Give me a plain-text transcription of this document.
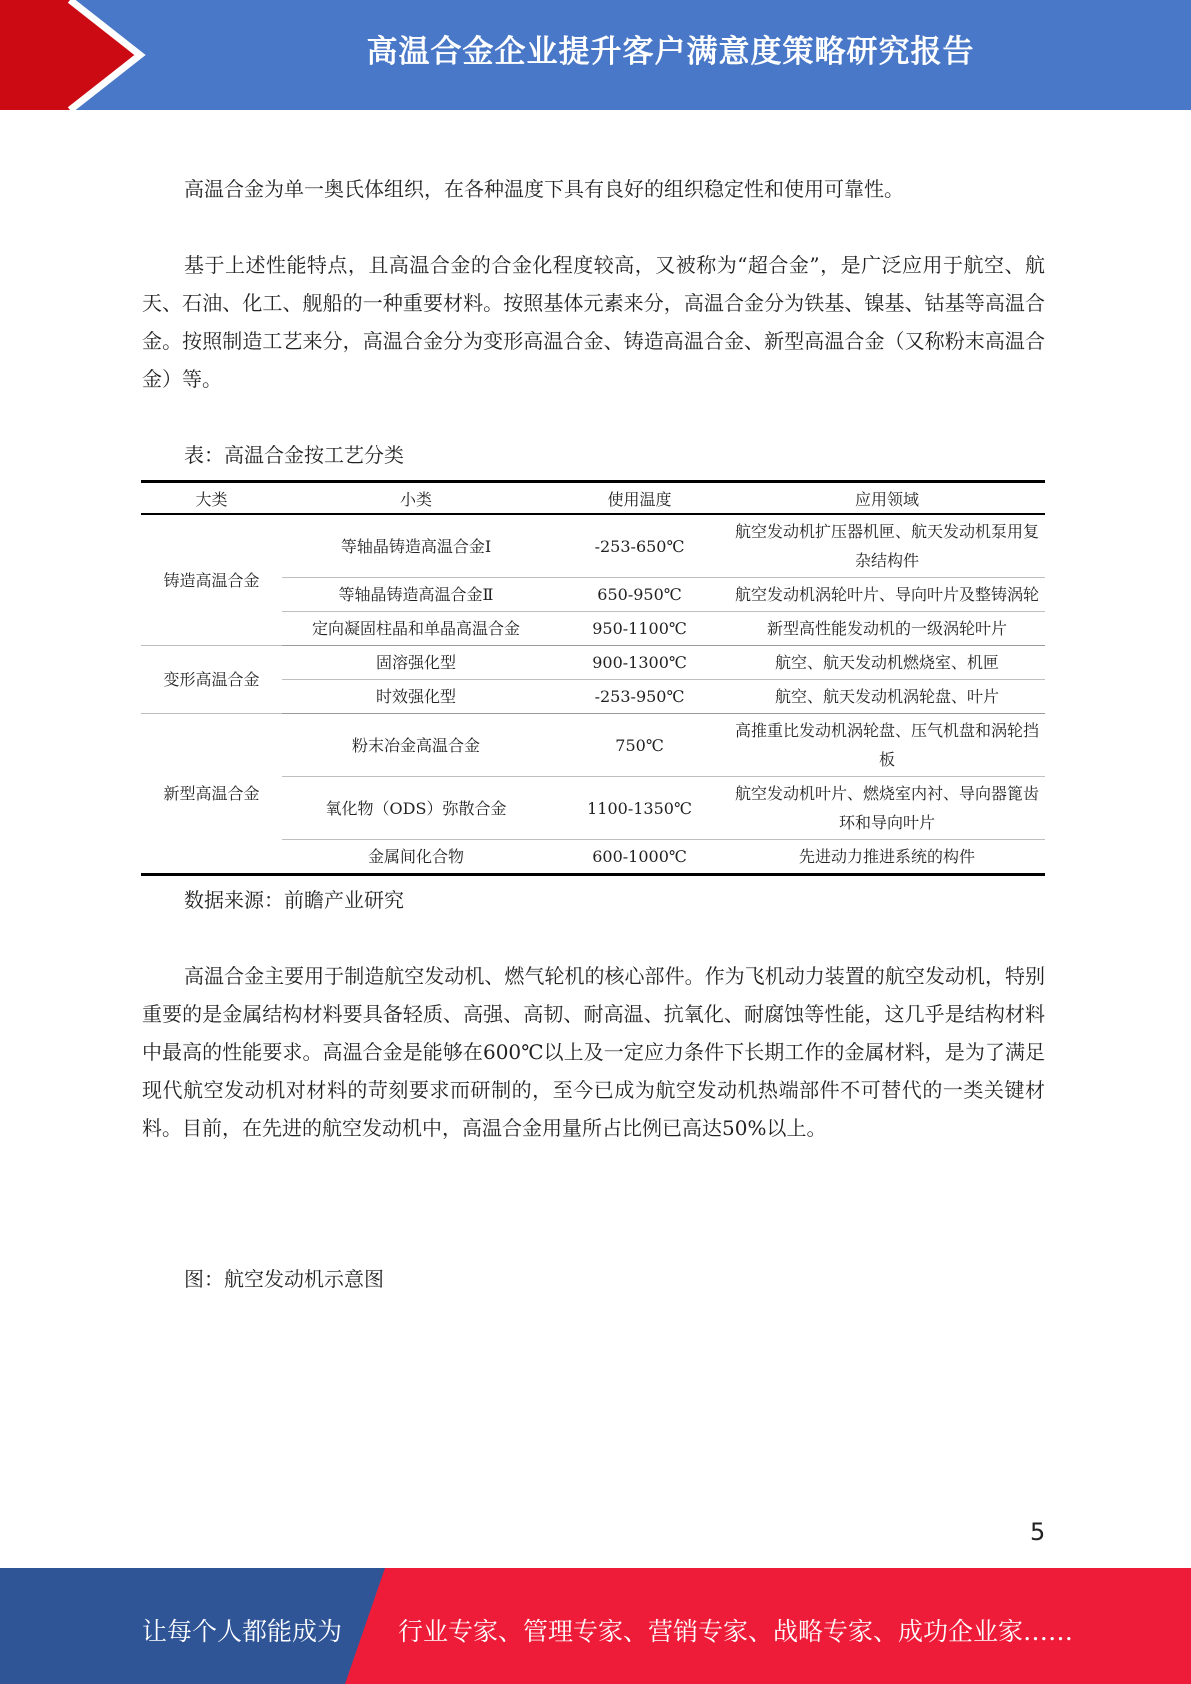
高温合金企业提升客户满意度策略研究报告

高温合金为单一奥氏体组织，在各种温度下具有良好的组织稳定性和使用可靠性。

基于上述性能特点，且高温合金的合金化程度较高，又被称为“超合金”，是广泛应用于航空、航天、石油、化工、舰船的一种重要材料。按照基体元素来分，高温合金分为铁基、镍基、钴基等高温合金。按照制造工艺来分，高温合金分为变形高温合金、铸造高温合金、新型高温合金（又称粉末高温合金）等。

表：高温合金按工艺分类

大类	小类	使用温度	应用领域
铸造高温合金	等轴晶铸造高温合金Ⅰ	-253-650℃	航空发动机扩压器机匣、航天发动机泵用复杂结构件
	等轴晶铸造高温合金Ⅱ	650-950℃	航空发动机涡轮叶片、导向叶片及整铸涡轮
	定向凝固柱晶和单晶高温合金	950-1100℃	新型高性能发动机的一级涡轮叶片
变形高温合金	固溶强化型	900-1300℃	航空、航天发动机燃烧室、机匣
	时效强化型	-253-950℃	航空、航天发动机涡轮盘、叶片
新型高温合金	粉末冶金高温合金	750℃	高推重比发动机涡轮盘、压气机盘和涡轮挡板
	氧化物（ODS）弥散合金	1100-1350℃	航空发动机叶片、燃烧室内衬、导向器篦齿环和导向叶片
	金属间化合物	600-1000℃	先进动力推进系统的构件

数据来源：前瞻产业研究

高温合金主要用于制造航空发动机、燃气轮机的核心部件。作为飞机动力装置的航空发动机，特别重要的是金属结构材料要具备轻质、高强、高韧、耐高温、抗氧化、耐腐蚀等性能，这几乎是结构材料中最高的性能要求。高温合金是能够在600℃以上及一定应力条件下长期工作的金属材料，是为了满足现代航空发动机对材料的苛刻要求而研制的，至今已成为航空发动机热端部件不可替代的一类关键材料。目前，在先进的航空发动机中，高温合金用量所占比例已高达50%以上。

图：航空发动机示意图

5
让每个人都能成为 行业专家、管理专家、营销专家、战略专家、成功企业家……
